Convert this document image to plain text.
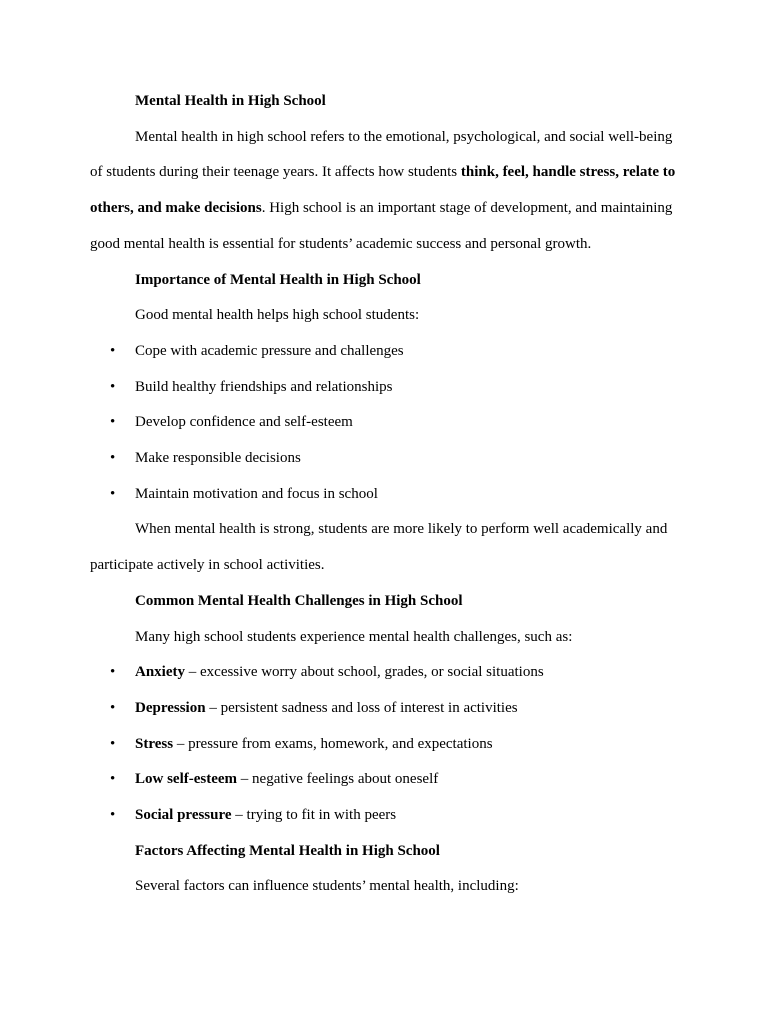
Mental Health in High School

Mental health in high school refers to the emotional, psychological, and social well-being of students during their teenage years. It affects how students think, feel, handle stress, relate to others, and make decisions. High school is an important stage of development, and maintaining good mental health is essential for students’ academic success and personal growth.

Importance of Mental Health in High School

Good mental health helps high school students:

• Cope with academic pressure and challenges
• Build healthy friendships and relationships
• Develop confidence and self-esteem
• Make responsible decisions
• Maintain motivation and focus in school

When mental health is strong, students are more likely to perform well academically and participate actively in school activities.

Common Mental Health Challenges in High School

Many high school students experience mental health challenges, such as:

• Anxiety – excessive worry about school, grades, or social situations
• Depression – persistent sadness and loss of interest in activities
• Stress – pressure from exams, homework, and expectations
• Low self-esteem – negative feelings about oneself
• Social pressure – trying to fit in with peers

Factors Affecting Mental Health in High School

Several factors can influence students’ mental health, including:
